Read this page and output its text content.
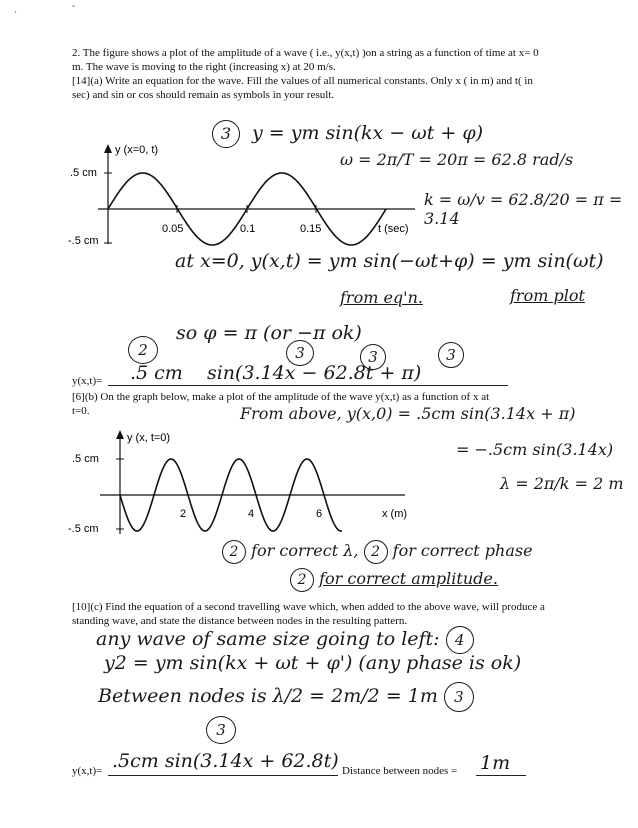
`
˘
2. The figure shows a plot of the amplitude of a wave ( i.e., y(x,t) )on a string as a function of time at x= 0 m. The wave is moving to the right (increasing x) at 20 m/s.
[14](a) Write an equation for the wave. Fill the values of all numerical constants. Only x ( in m) and t( in sec) and sin or cos should remain as symbols in your result.
3	y = ym sin(kx − ωt + φ)
ω = 2π/T = 20π = 62.8 rad/s
k = ω/v = 62.8/20 = π = 3.14
y (x=0, t)
.5 cm
-.5 cm
0.05	0.1	0.15	t (sec)
at x=0, y(x,t) = ym sin(−ωt+φ) = ym sin(ωt)
from eq'n.	from plot
so φ = π (or −π ok)
2	3	3	3
y(x,t)= .5 cm    sin(3.14x − 62.8t + π)
[6](b) On the graph below, make a plot of the amplitude of the wave y(x,t) as a function of x at t=0.	From above, y(x,0) = .5cm sin(3.14x + π)
= −.5cm sin(3.14x)
λ = 2π/k = 2 m
y (x, t=0)
.5 cm
-.5 cm
2	4	6	x (m)
2 for correct λ, 2 for correct phase
2 for correct amplitude.
[10](c) Find the equation of a second travelling wave which, when added to the above wave, will produce a standing wave, and state the distance between nodes in the resulting pattern.
any wave of same size going to left: 4
y2 = ym sin(kx + ωt + φ') (any phase is ok)
Between nodes is λ/2 = 2m/2 = 1m 3
3
y(x,t)= .5cm sin(3.14x + 62.8t) Distance between nodes = 1m
